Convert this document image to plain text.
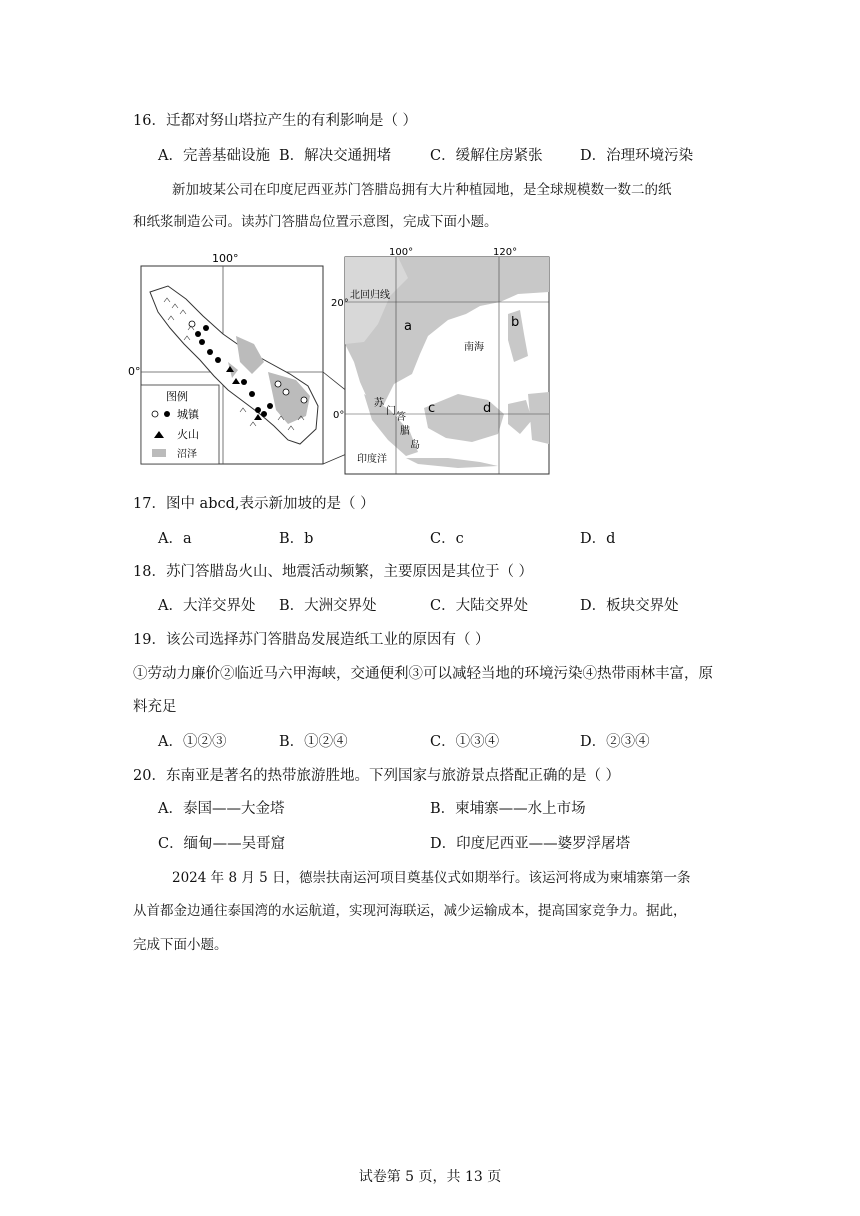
16．迁都对努山塔拉产生的有利影响是（ ）
A．完善基础设施 B．解决交通拥堵	C．缓解住房紧张	D．治理环境污染
新加坡某公司在印度尼西亚苏门答腊岛拥有大片种植园地，是全球规模数一数二的纸
和纸浆制造公司。读苏门答腊岛位置示意图，完成下面小题。
100°
0°
图例
城镇
火山
沼泽
100°	120°
20°
0°
北回归线
a	b
c	d
南海
苏
门
答
腊
岛
印度洋
17．图中 abcd,表示新加坡的是（ ）
A．a	B．b	C．c	D．d
18．苏门答腊岛火山、地震活动频繁，主要原因是其位于（ ）
A．大洋交界处 B．大洲交界处	C．大陆交界处	D．板块交界处
19．该公司选择苏门答腊岛发展造纸工业的原因有（ ）
①劳动力廉价②临近马六甲海峡，交通便利③可以减轻当地的环境污染④热带雨林丰富，原
料充足
A．①②③	B．①②④	C．①③④	D．②③④
20．东南亚是著名的热带旅游胜地。下列国家与旅游景点搭配正确的是（ ）
A．泰国——大金塔	B．柬埔寨——水上市场
C．缅甸——吴哥窟	D．印度尼西亚——婆罗浮屠塔
2024 年 8 月 5 日，德崇扶南运河项目奠基仪式如期举行。该运河将成为柬埔寨第一条
从首都金边通往泰国湾的水运航道，实现河海联运，减少运输成本，提高国家竞争力。据此，
完成下面小题。
试卷第 5 页，共 13 页
